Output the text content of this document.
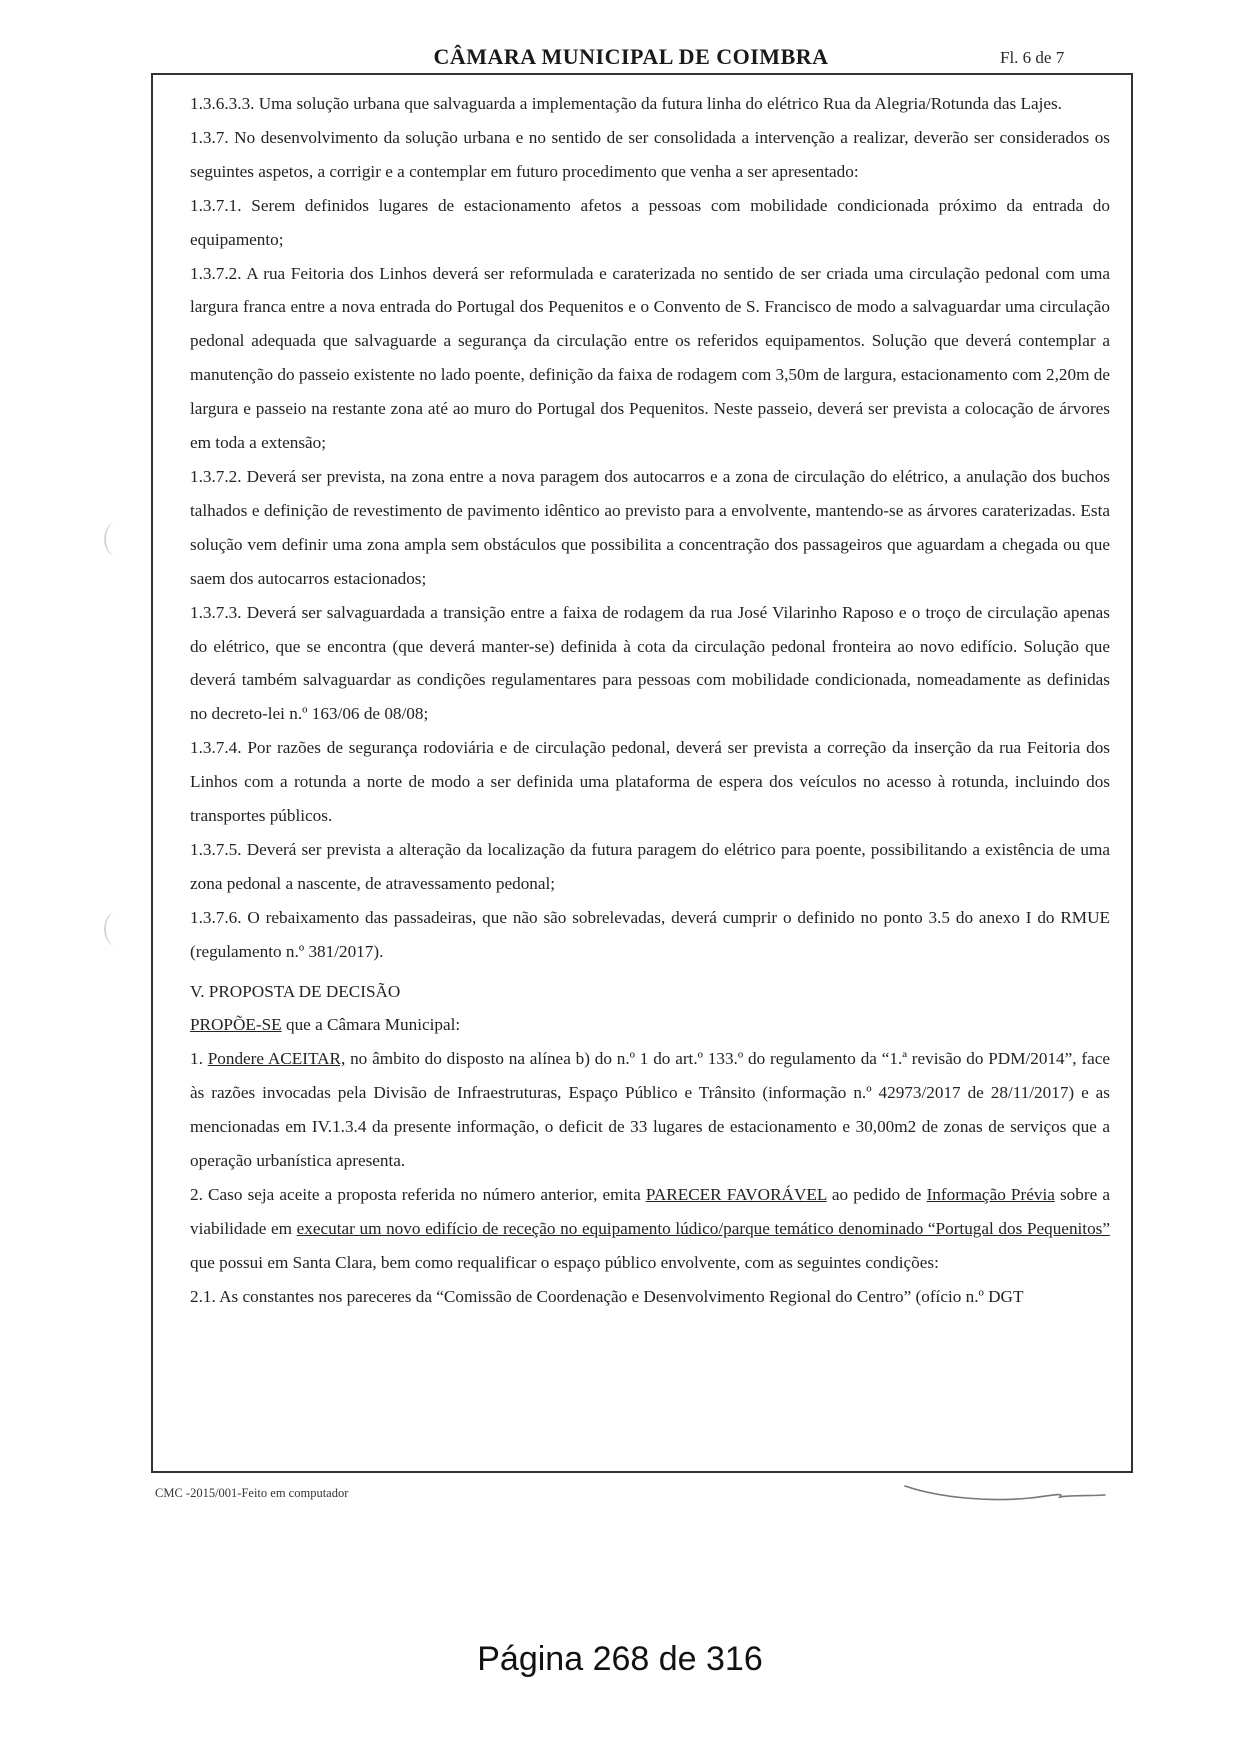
CÂMARA MUNICIPAL DE COIMBRA	Fl. 6 de 7

1.3.6.3.3. Uma solução urbana que salvaguarda a implementação da futura linha do elétrico Rua da Alegria/Rotunda das Lajes.

1.3.7. No desenvolvimento da solução urbana e no sentido de ser consolidada a intervenção a realizar, deverão ser considerados os seguintes aspetos, a corrigir e a contemplar em futuro procedimento que venha a ser apresentado:

1.3.7.1. Serem definidos lugares de estacionamento afetos a pessoas com mobilidade condicionada próximo da entrada do equipamento;

1.3.7.2. A rua Feitoria dos Linhos deverá ser reformulada e caraterizada no sentido de ser criada uma circulação pedonal com uma largura franca entre a nova entrada do Portugal dos Pequenitos e o Convento de S. Francisco de modo a salvaguardar uma circulação pedonal adequada que salvaguarde a segurança da circulação entre os referidos equipamentos. Solução que deverá contemplar a manutenção do passeio existente no lado poente, definição da faixa de rodagem com 3,50m de largura, estacionamento com 2,20m de largura e passeio na restante zona até ao muro do Portugal dos Pequenitos. Neste passeio, deverá ser prevista a colocação de árvores em toda a extensão;

1.3.7.2. Deverá ser prevista, na zona entre a nova paragem dos autocarros e a zona de circulação do elétrico, a anulação dos buchos talhados e definição de revestimento de pavimento idêntico ao previsto para a envolvente, mantendo-se as árvores caraterizadas. Esta solução vem definir uma zona ampla sem obstáculos que possibilita a concentração dos passageiros que aguardam a chegada ou que saem dos autocarros estacionados;

1.3.7.3. Deverá ser salvaguardada a transição entre a faixa de rodagem da rua José Vilarinho Raposo e o troço de circulação apenas do elétrico, que se encontra (que deverá manter-se) definida à cota da circulação pedonal fronteira ao novo edifício. Solução que deverá também salvaguardar as condições regulamentares para pessoas com mobilidade condicionada, nomeadamente as definidas no decreto-lei n.º 163/06 de 08/08;

1.3.7.4. Por razões de segurança rodoviária e de circulação pedonal, deverá ser prevista a correção da inserção da rua Feitoria dos Linhos com a rotunda a norte de modo a ser definida uma plataforma de espera dos veículos no acesso à rotunda, incluindo dos transportes públicos.

1.3.7.5. Deverá ser prevista a alteração da localização da futura paragem do elétrico para poente, possibilitando a existência de uma zona pedonal a nascente, de atravessamento pedonal;

1.3.7.6. O rebaixamento das passadeiras, que não são sobrelevadas, deverá cumprir o definido no ponto 3.5 do anexo I do RMUE (regulamento n.º 381/2017).

V. PROPOSTA DE DECISÃO

PROPÕE-SE que a Câmara Municipal:

1. Pondere ACEITAR, no âmbito do disposto na alínea b) do n.º 1 do art.º 133.º do regulamento da “1.ª revisão do PDM/2014”, face às razões invocadas pela Divisão de Infraestruturas, Espaço Público e Trânsito (informação n.º 42973/2017 de 28/11/2017) e as mencionadas em IV.1.3.4 da presente informação, o deficit de 33 lugares de estacionamento e 30,00m2 de zonas de serviços que a operação urbanística apresenta.

2. Caso seja aceite a proposta referida no número anterior, emita PARECER FAVORÁVEL ao pedido de Informação Prévia sobre a viabilidade em executar um novo edifício de receção no equipamento lúdico/parque temático denominado “Portugal dos Pequenitos” que possui em Santa Clara, bem como requalificar o espaço público envolvente, com as seguintes condições:

2.1. As constantes nos pareceres da “Comissão de Coordenação e Desenvolvimento Regional do Centro” (ofício n.º DGT

CMC -2015/001-Feito em computador
Página 268 de 316
